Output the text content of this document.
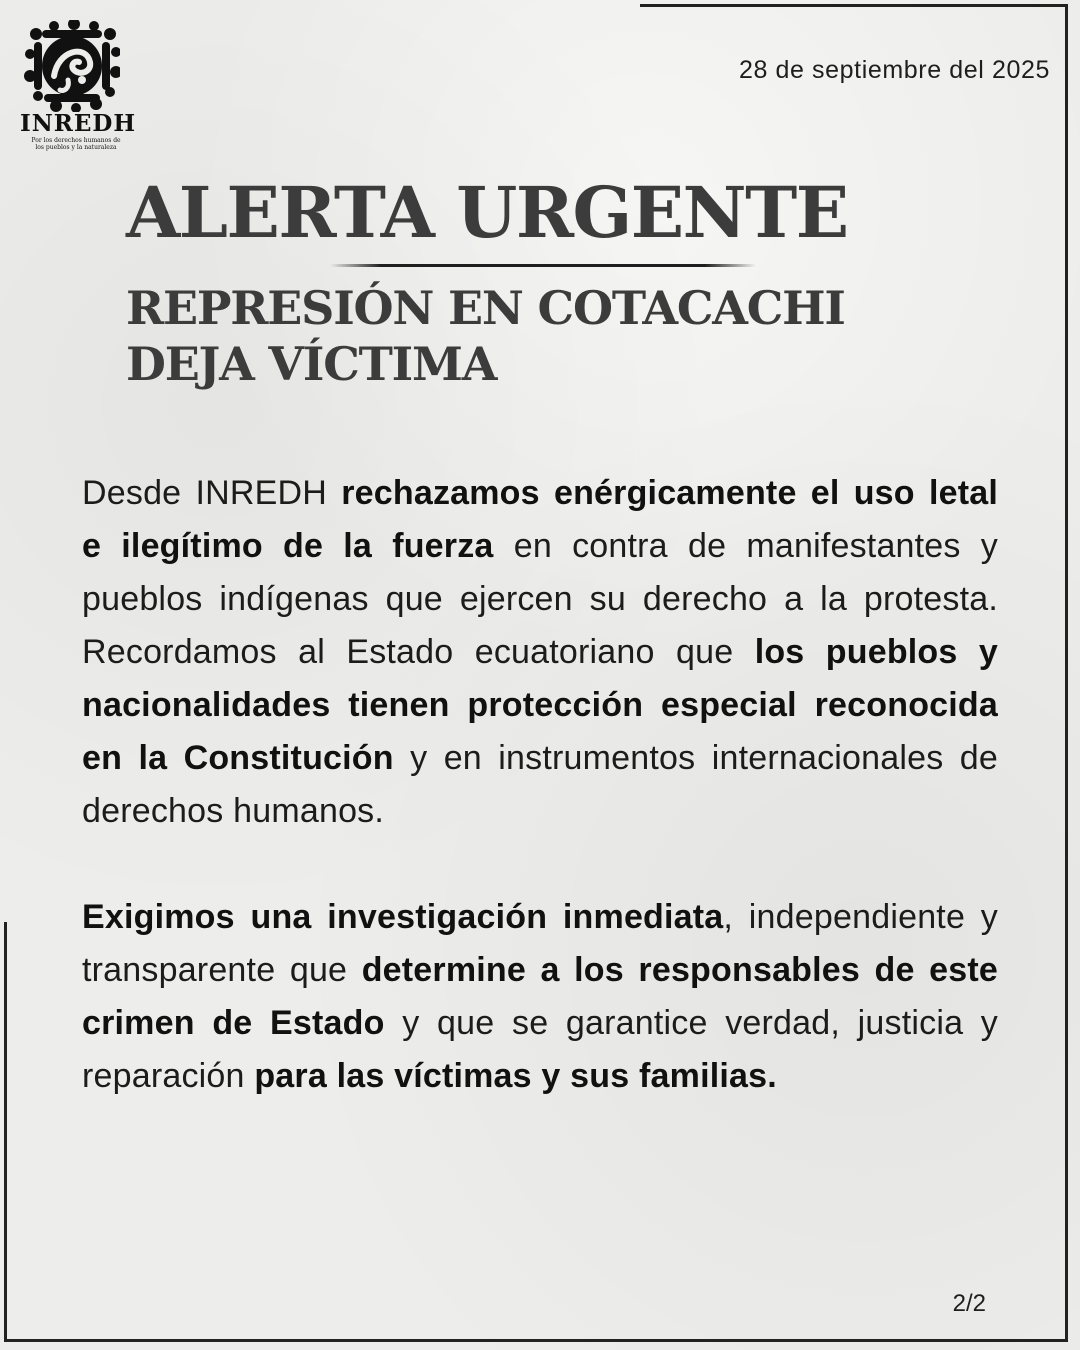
INREDH
Por los derechos humanos de los pueblos y la naturaleza
28 de septiembre del 2025
ALERTA URGENTE
REPRESIÓN EN COTACACHI
DEJA VÍCTIMA

Desde INREDH rechazamos enérgicamente el uso letal e ilegítimo de la fuerza en contra de manifestantes y pueblos indígenas que ejercen su derecho a la protesta. Recordamos al Estado ecuatoriano que los pueblos y nacionalidades tienen protección especial reconocida en la Constitución y en instrumentos internacionales de derechos humanos.

Exigimos una investigación inmediata, independiente y transparente que determine a los responsables de este crimen de Estado y que se garantice verdad, justicia y reparación para las víctimas y sus familias.

2/2
